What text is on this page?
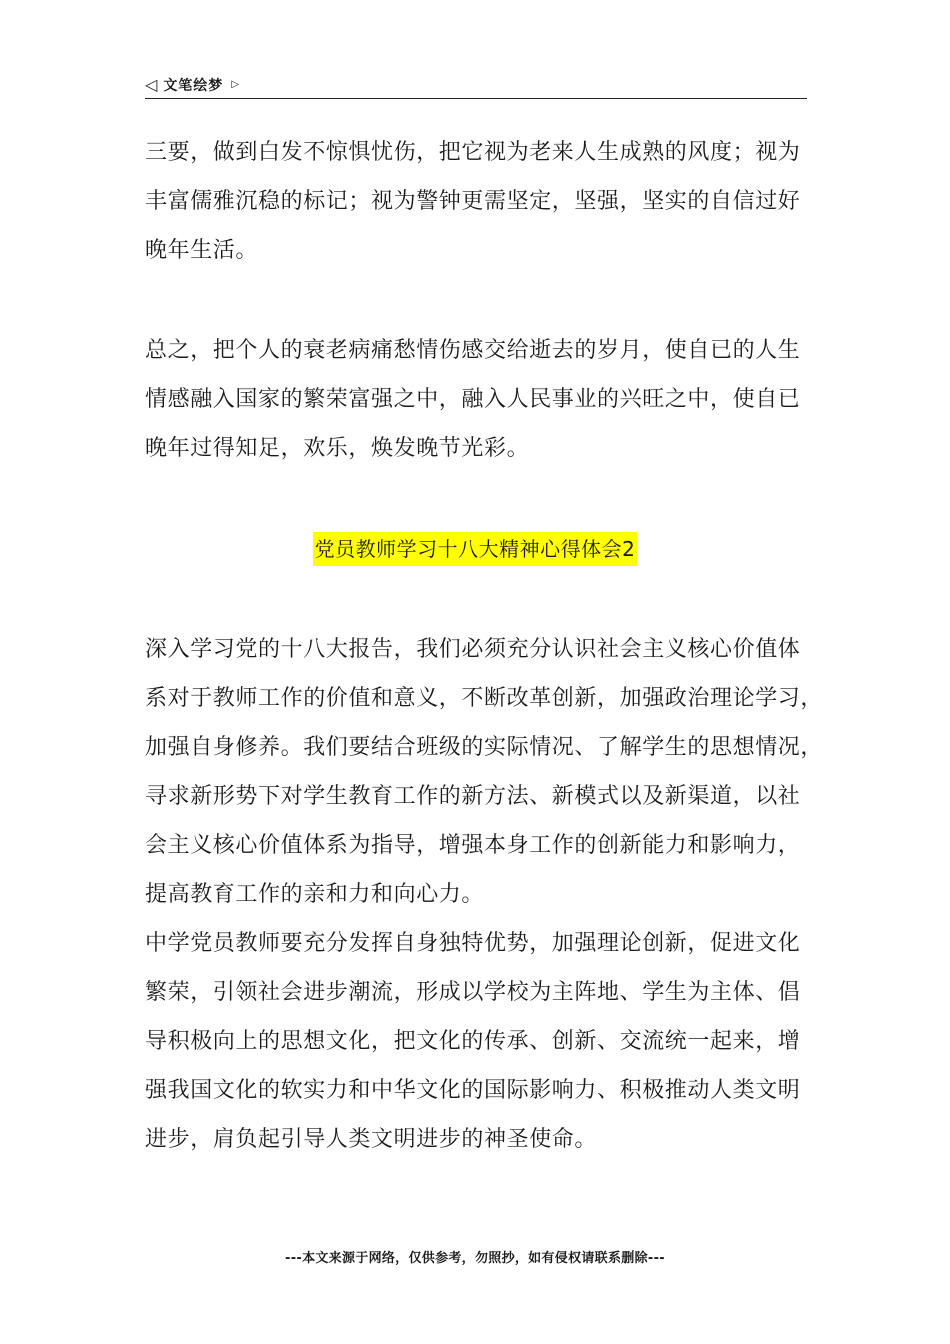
◁ 文笔绘梦 ▷

三要，做到白发不惊惧忧伤，把它视为老来人生成熟的风度；视为
丰富儒雅沉稳的标记；视为警钟更需坚定，坚强，坚实的自信过好
晚年生活。

总之，把个人的衰老病痛愁情伤感交给逝去的岁月，使自已的人生
情感融入国家的繁荣富强之中，融入人民事业的兴旺之中，使自已
晚年过得知足，欢乐，焕发晚节光彩。

党员教师学习十八大精神心得体会2

深入学习党的十八大报告，我们必须充分认识社会主义核心价值体
系对于教师工作的价值和意义，不断改革创新，加强政治理论学习，
加强自身修养。我们要结合班级的实际情况、了解学生的思想情况，
寻求新形势下对学生教育工作的新方法、新模式以及新渠道，以社
会主义核心价值体系为指导，增强本身工作的创新能力和影响力，
提高教育工作的亲和力和向心力。
中学党员教师要充分发挥自身独特优势，加强理论创新，促进文化
繁荣，引领社会进步潮流，形成以学校为主阵地、学生为主体、倡
导积极向上的思想文化，把文化的传承、创新、交流统一起来，增
强我国文化的软实力和中华文化的国际影响力、积极推动人类文明
进步，肩负起引导人类文明进步的神圣使命。

---本文来源于网络，仅供参考，勿照抄，如有侵权请联系删除---
